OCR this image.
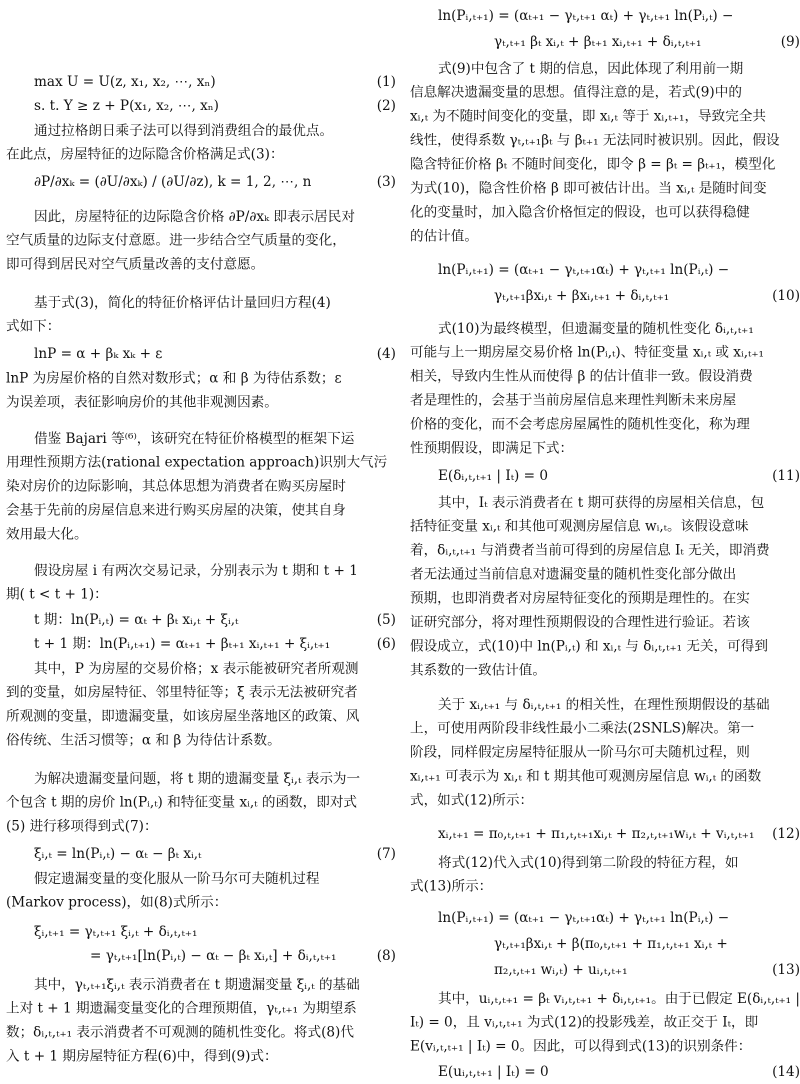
max U = U(z, x₁, x₂, ⋯, xₙ)	(1)
s. t. Y ≥ z + P(x₁, x₂, ⋯, xₙ)	(2)
通过拉格朗日乘子法可以得到消费组合的最优点。
在此点，房屋特征的边际隐含价格满足式(3)：
∂P/∂xₖ = (∂U/∂xₖ) / (∂U/∂z), k = 1, 2, ⋯, n	(3)
因此，房屋特征的边际隐含价格 ∂P/∂xₖ 即表示居民对
空气质量的边际支付意愿。进一步结合空气质量的变化，
即可得到居民对空气质量改善的支付意愿。
基于式(3)，简化的特征价格评估计量回归方程(4)
式如下：
lnP = α + βₖ xₖ + ε	(4)
lnP 为房屋价格的自然对数形式；α 和 β 为待估系数；ε
为误差项，表征影响房价的其他非观测因素。
借鉴 Bajari 等⁽⁶⁾，该研究在特征价格模型的框架下运
用理性预期方法(rational expectation approach)识别大气污
染对房价的边际影响，其总体思想为消费者在购买房屋时
会基于先前的房屋信息来进行购买房屋的决策，使其自身
效用最大化。
假设房屋 i 有两次交易记录，分别表示为 t 期和 t + 1
期( t < t + 1)：
t 期：ln(Pᵢ,ₜ) = αₜ + βₜ xᵢ,ₜ + ξᵢ,ₜ	(5)
t + 1 期：ln(Pᵢ,ₜ₊₁) = αₜ₊₁ + βₜ₊₁ xᵢ,ₜ₊₁ + ξᵢ,ₜ₊₁	(6)
其中，P 为房屋的交易价格；x 表示能被研究者所观测
到的变量，如房屋特征、邻里特征等；ξ 表示无法被研究者
所观测的变量，即遗漏变量，如该房屋坐落地区的政策、风
俗传统、生活习惯等；α 和 β 为待估计系数。
为解决遗漏变量问题，将 t 期的遗漏变量 ξᵢ,ₜ 表示为一
个包含 t 期的房价 ln(Pᵢ,ₜ) 和特征变量 xᵢ,ₜ 的函数，即对式
(5) 进行移项得到式(7)：
ξᵢ,ₜ = ln(Pᵢ,ₜ) − αₜ − βₜ xᵢ,ₜ	(7)
假定遗漏变量的变化服从一阶马尔可夫随机过程
(Markov process)，如(8)式所示：
ξᵢ,ₜ₊₁ = γₜ,ₜ₊₁ ξᵢ,ₜ + δᵢ,ₜ,ₜ₊₁
= γₜ,ₜ₊₁[ln(Pᵢ,ₜ) − αₜ − βₜ xᵢ,ₜ] + δᵢ,ₜ,ₜ₊₁	(8)
其中，γₜ,ₜ₊₁ξᵢ,ₜ 表示消费者在 t 期遗漏变量 ξᵢ,ₜ 的基础
上对 t + 1 期遗漏变量变化的合理预期值，γₜ,ₜ₊₁ 为期望系
数；δᵢ,ₜ,ₜ₊₁ 表示消费者不可观测的随机性变化。将式(8)代
入 t + 1 期房屋特征方程(6)中，得到(9)式：
ln(Pᵢ,ₜ₊₁) = (αₜ₊₁ − γₜ,ₜ₊₁ αₜ) + γₜ,ₜ₊₁ ln(Pᵢ,ₜ) −
γₜ,ₜ₊₁ βₜ xᵢ,ₜ + βₜ₊₁ xᵢ,ₜ₊₁ + δᵢ,ₜ,ₜ₊₁	(9)
式(9)中包含了 t 期的信息，因此体现了利用前一期
信息解决遗漏变量的思想。值得注意的是，若式(9)中的
xᵢ,ₜ 为不随时间变化的变量，即 xᵢ,ₜ 等于 xᵢ,ₜ₊₁，导致完全共
线性，使得系数 γₜ,ₜ₊₁βₜ 与 βₜ₊₁ 无法同时被识别。因此，假设
隐含特征价格 βₜ 不随时间变化，即令 β = βₜ = βₜ₊₁，模型化
为式(10)，隐含性价格 β 即可被估计出。当 xᵢ,ₜ 是随时间变
化的变量时，加入隐含价格恒定的假设，也可以获得稳健
的估计值。
ln(Pᵢ,ₜ₊₁) = (αₜ₊₁ − γₜ,ₜ₊₁αₜ) + γₜ,ₜ₊₁ ln(Pᵢ,ₜ) −
γₜ,ₜ₊₁βxᵢ,ₜ + βxᵢ,ₜ₊₁ + δᵢ,ₜ,ₜ₊₁	(10)
式(10)为最终模型，但遗漏变量的随机性变化 δᵢ,ₜ,ₜ₊₁
可能与上一期房屋交易价格 ln(Pᵢ,ₜ)、特征变量 xᵢ,ₜ 或 xᵢ,ₜ₊₁
相关，导致内生性从而使得 β 的估计值非一致。假设消费
者是理性的，会基于当前房屋信息来理性判断未来房屋
价格的变化，而不会考虑房屋属性的随机性变化，称为理
性预期假设，即满足下式：
E(δᵢ,ₜ,ₜ₊₁ | Iₜ) = 0	(11)
其中，Iₜ 表示消费者在 t 期可获得的房屋相关信息，包
括特征变量 xᵢ,ₜ 和其他可观测房屋信息 wᵢ,ₜ。该假设意味
着，δᵢ,ₜ,ₜ₊₁ 与消费者当前可得到的房屋信息 Iₜ 无关，即消费
者无法通过当前信息对遗漏变量的随机性变化部分做出
预期，也即消费者对房屋特征变化的预期是理性的。在实
证研究部分，将对理性预期假设的合理性进行验证。若该
假设成立，式(10)中 ln(Pᵢ,ₜ) 和 xᵢ,ₜ 与 δᵢ,ₜ,ₜ₊₁ 无关，可得到
其系数的一致估计值。
关于 xᵢ,ₜ₊₁ 与 δᵢ,ₜ,ₜ₊₁ 的相关性，在理性预期假设的基础
上，可使用两阶段非线性最小二乘法(2SNLS)解决。第一
阶段，同样假定房屋特征服从一阶马尔可夫随机过程，则
xᵢ,ₜ₊₁ 可表示为 xᵢ,ₜ 和 t 期其他可观测房屋信息 wᵢ,ₜ 的函数
式，如式(12)所示：
xᵢ,ₜ₊₁ = π₀,ₜ,ₜ₊₁ + π₁,ₜ,ₜ₊₁xᵢ,ₜ + π₂,ₜ,ₜ₊₁wᵢ,ₜ + vᵢ,ₜ,ₜ₊₁ (12)
将式(12)代入式(10)得到第二阶段的特征方程，如
式(13)所示：
ln(Pᵢ,ₜ₊₁) = (αₜ₊₁ − γₜ,ₜ₊₁αₜ) + γₜ,ₜ₊₁ ln(Pᵢ,ₜ) −
γₜ,ₜ₊₁βxᵢ,ₜ + β(π₀,ₜ,ₜ₊₁ + π₁,ₜ,ₜ₊₁ xᵢ,ₜ +
π₂,ₜ,ₜ₊₁ wᵢ,ₜ) + uᵢ,ₜ,ₜ₊₁	(13)
其中，uᵢ,ₜ,ₜ₊₁ = βₜ vᵢ,ₜ,ₜ₊₁ + δᵢ,ₜ,ₜ₊₁。由于已假定 E(δᵢ,ₜ,ₜ₊₁ |
Iₜ) = 0，且 vᵢ,ₜ,ₜ₊₁ 为式(12)的投影残差，故正交于 Iₜ，即
E(vᵢ,ₜ,ₜ₊₁ | Iₜ) = 0。因此，可以得到式(13)的识别条件：
E(uᵢ,ₜ,ₜ₊₁ | Iₜ) = 0	(14)
